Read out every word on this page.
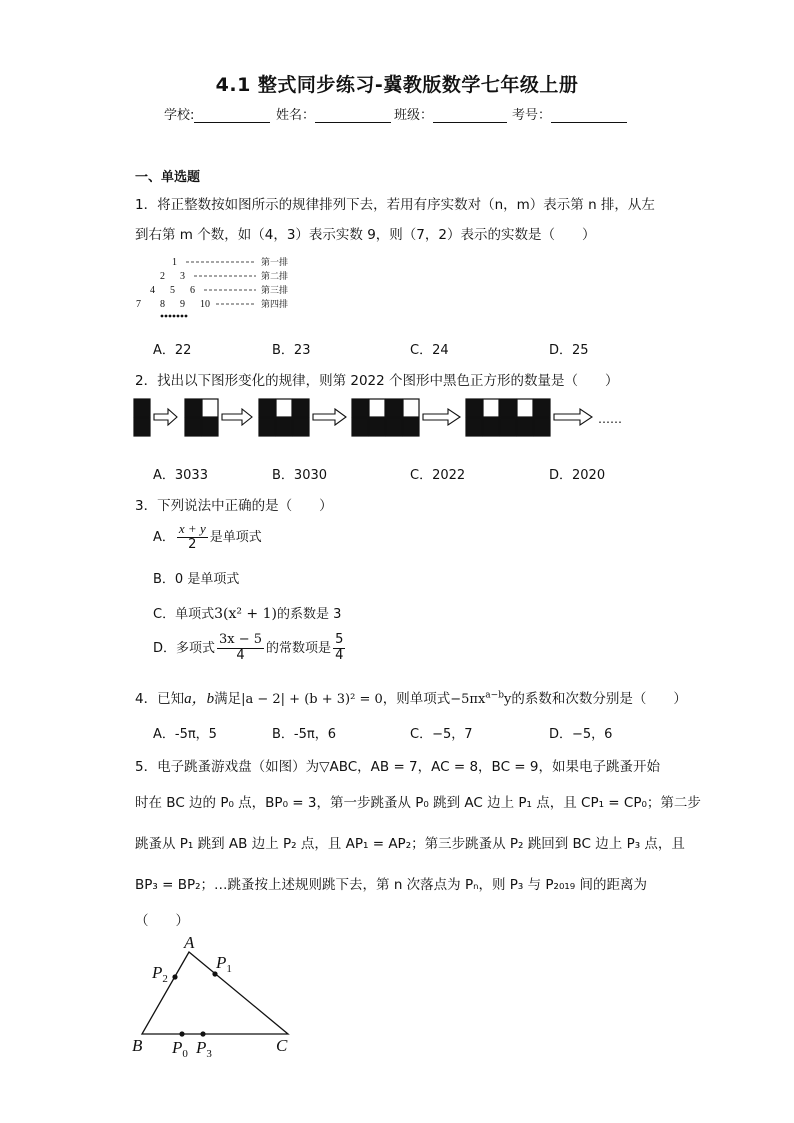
4.1 整式同步练习-冀教版数学七年级上册
学校:	姓名：	班级：	考号：
一、单选题
1．将正整数按如图所示的规律排列下去，若用有序实数对（n，m）表示第 n 排，从左
到右第 m 个数，如（4，3）表示实数 9，则（7，2）表示的实数是（　　）
1
2 3
4 5 6
7 8 9 10
第一排
第二排
第三排
第四排
A．22	B．23	C．24	D．25
2．找出以下图形变化的规律，则第 2022 个图形中黑色正方形的数量是（　　）
……
A．3033	B．3030	C．2022	D．2020
3．下列说法中正确的是（　　）
A． $\frac{x + y}{2}$ 是单项式
B．0 是单项式
C．单项式3(x² + 1)的系数是 3
D．多项式 $\frac{3x - 5}{4}$ 的常数项是 $\frac{5}{4}$
4．已知a，b满足|a − 2| + (b + 3)² = 0，则单项式$-5\pi x^{a-b}y$的系数和次数分别是（　　）
A．-5π，5	B．-5π，6	C．−5，7	D．−5，6
5．电子跳蚤游戏盘（如图）为▽ABC，AB = 7，AC = 8，BC = 9，如果电子跳蚤开始
时在 BC 边的 P₀ 点，BP₀ = 3，第一步跳蚤从 P₀ 跳到 AC 边上 P₁ 点，且 CP₁ = CP₀；第二步
跳蚤从 P₁ 跳到 AB 边上 P₂ 点，且 AP₁ = AP₂；第三步跳蚤从 P₂ 跳回到 BC 边上 P₃ 点，且
BP₃ = BP₂；…跳蚤按上述规则跳下去，第 n 次落点为 Pₙ，则 P₃ 与 P₂₀₁₉ 间的距离为
（　　）
A
B	C
$P_2$
$P_1$
$P_0$ $P_3$
